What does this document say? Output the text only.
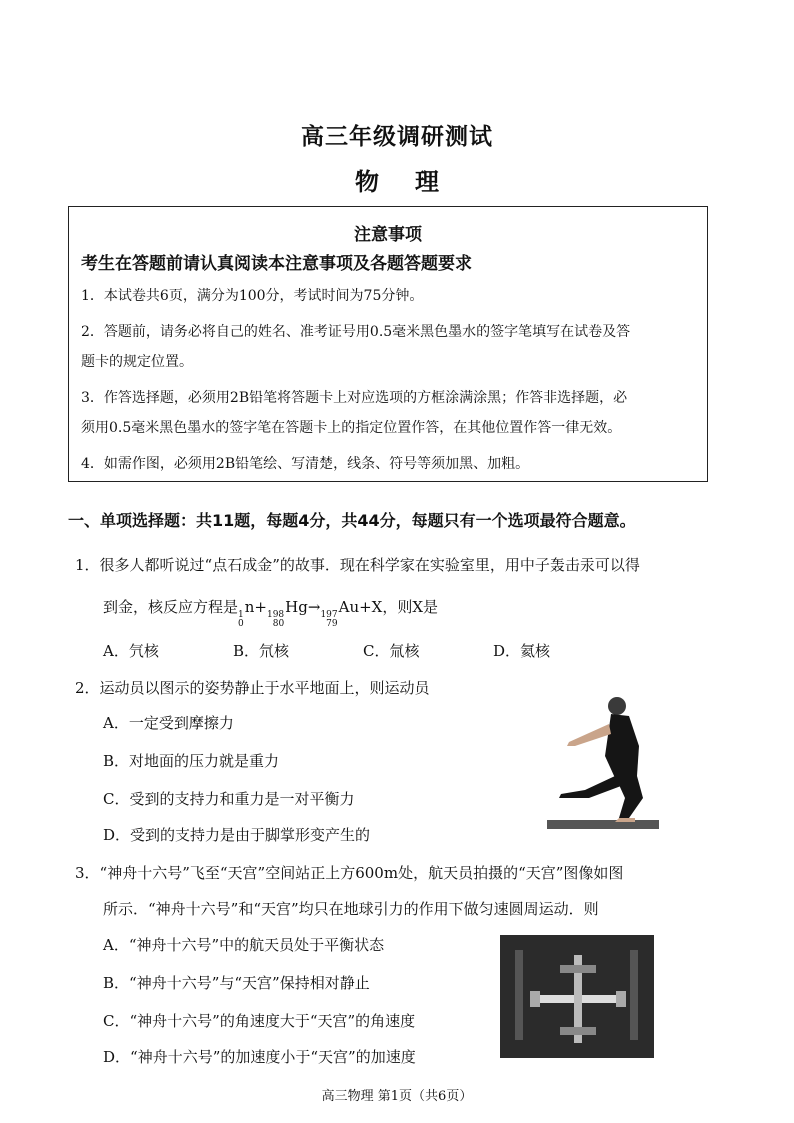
高三年级调研测试
物 理
注意事项
考生在答题前请认真阅读本注意事项及各题答题要求
1．本试卷共6页，满分为100分，考试时间为75分钟。
2．答题前，请务必将自己的姓名、准考证号用0.5毫米黑色墨水的签字笔填写在试卷及答
题卡的规定位置。
3．作答选择题，必须用2B铅笔将答题卡上对应选项的方框涂满涂黑；作答非选择题，必
须用0.5毫米黑色墨水的签字笔在答题卡上的指定位置作答，在其他位置作答一律无效。
4．如需作图，必须用2B铅笔绘、写清楚，线条、符号等须加黑、加粗。
一、单项选择题：共11题，每题4分，共44分，每题只有一个选项最符合题意。
1．很多人都听说过“点石成金”的故事．现在科学家在实验室里，用中子轰击汞可以得
到金，核反应方程是 1
0
n+ 198
80
Hg→ 197
79
Au+X，则X是
A．氕核	B．氘核	C．氚核	D．氦核
2．运动员以图示的姿势静止于水平地面上，则运动员
A．一定受到摩擦力
B．对地面的压力就是重力
C．受到的支持力和重力是一对平衡力
D．受到的支持力是由于脚掌形变产生的
3．“神舟十六号”飞至“天宫”空间站正上方600m处，航天员拍摄的“天宫”图像如图
所示．“神舟十六号”和“天宫”均只在地球引力的作用下做匀速圆周运动．则
A．“神舟十六号”中的航天员处于平衡状态
B．“神舟十六号”与“天宫”保持相对静止
C．“神舟十六号”的角速度大于“天宫”的角速度
D．“神舟十六号”的加速度小于“天宫”的加速度
高三物理 第1页（共6页）
